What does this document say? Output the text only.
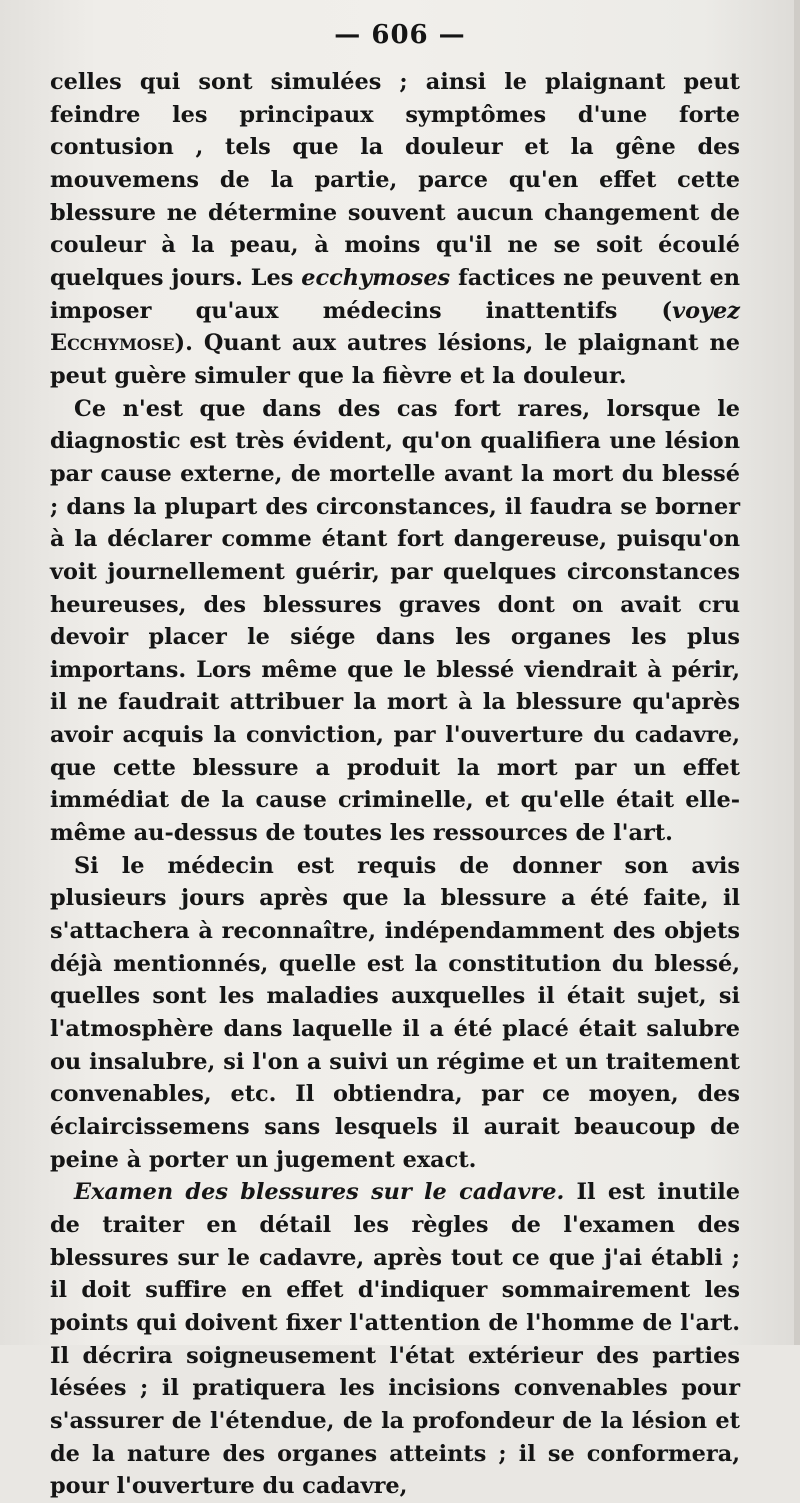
— 606 —

celles qui sont simulées ; ainsi le plaignant peut feindre les principaux symptômes d'une forte contusion , tels que la douleur et la gêne des mouvemens de la partie, parce qu'en effet cette blessure ne détermine souvent aucun changement de couleur à la peau, à moins qu'il ne se soit écoulé quelques jours. Les ecchymoses factices ne peuvent en imposer qu'aux médecins inattentifs (voyez Ecchymose). Quant aux autres lésions, le plaignant ne peut guère simuler que la fièvre et la douleur.

Ce n'est que dans des cas fort rares, lorsque le diagnostic est très évident, qu'on qualifiera une lésion par cause externe, de mortelle avant la mort du blessé ; dans la plupart des circonstances, il faudra se borner à la déclarer comme étant fort dangereuse, puisqu'on voit journellement guérir, par quelques circonstances heureuses, des blessures graves dont on avait cru devoir placer le siége dans les organes les plus importans. Lors même que le blessé viendrait à périr, il ne faudrait attribuer la mort à la blessure qu'après avoir acquis la conviction, par l'ouverture du cadavre, que cette blessure a produit la mort par un effet immédiat de la cause criminelle, et qu'elle était elle-même au-dessus de toutes les ressources de l'art.

Si le médecin est requis de donner son avis plusieurs jours après que la blessure a été faite, il s'attachera à reconnaître, indépendamment des objets déjà mentionnés, quelle est la constitution du blessé, quelles sont les maladies auxquelles il était sujet, si l'atmosphère dans laquelle il a été placé était salubre ou insalubre, si l'on a suivi un régime et un traitement convenables, etc. Il obtiendra, par ce moyen, des éclaircissemens sans lesquels il aurait beaucoup de peine à porter un jugement exact.

Examen des blessures sur le cadavre. Il est inutile de traiter en détail les règles de l'examen des blessures sur le cadavre, après tout ce que j'ai établi ; il doit suffire en effet d'indiquer sommairement les points qui doivent fixer l'attention de l'homme de l'art. Il décrira soigneusement l'état extérieur des parties lésées ; il pratiquera les incisions convenables pour s'assurer de l'étendue, de la profondeur de la lésion et de la nature des organes atteints ; il se conformera, pour l'ouverture du cadavre,
